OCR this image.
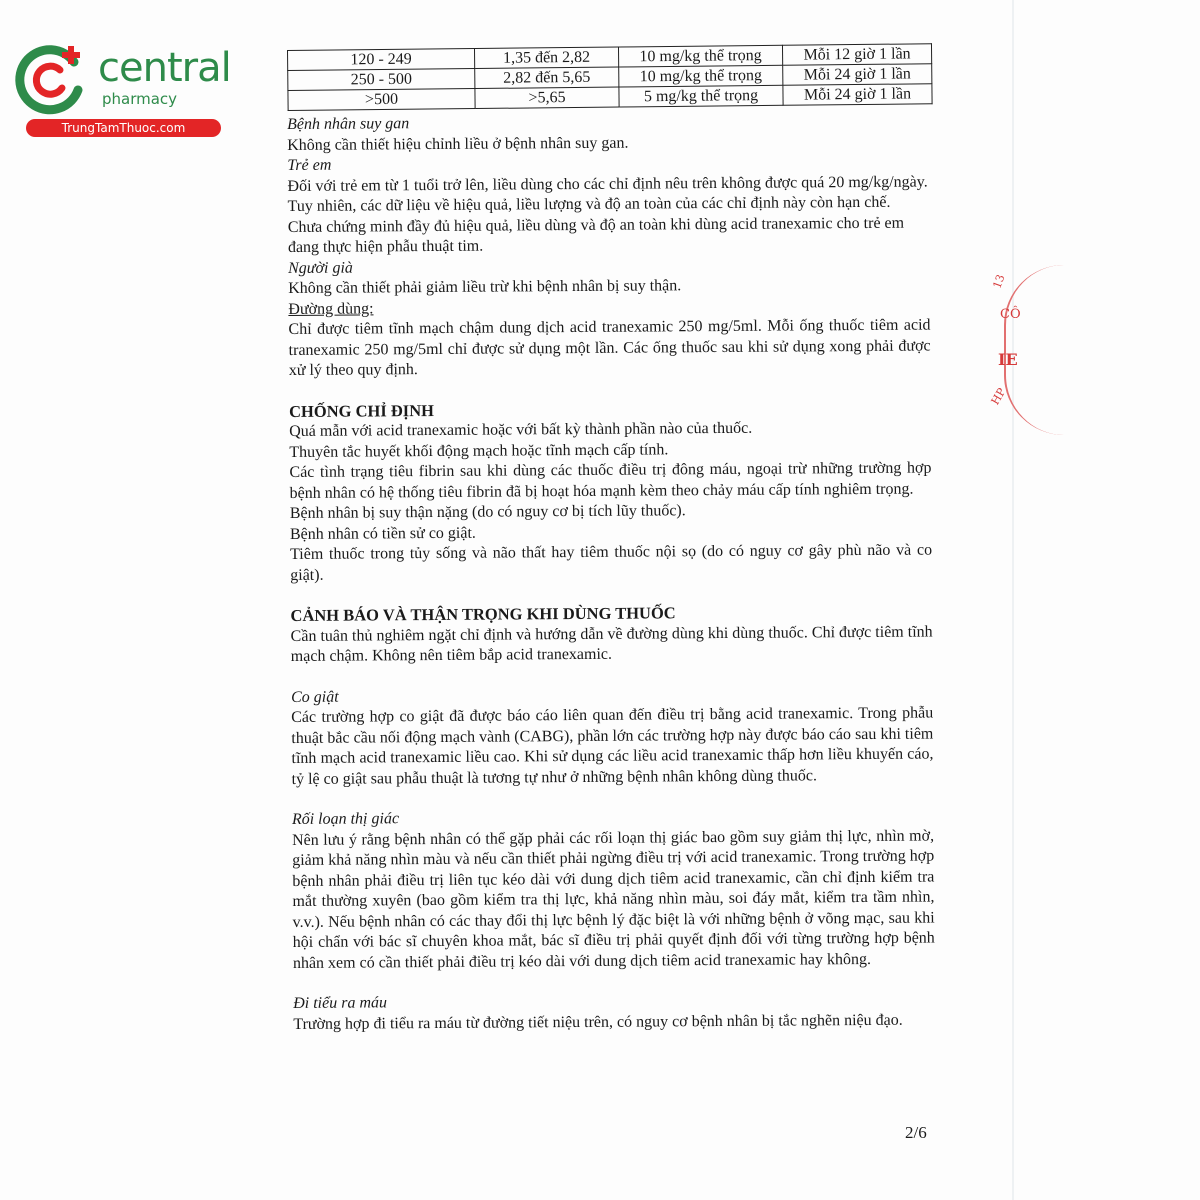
central
pharmacy
TrungTamThuoc.com
120 - 249	1,35 đến 2,82	10 mg/kg thể trọng	Mỗi 12 giờ 1 lần
250 - 500	2,82 đến 5,65	10 mg/kg thể trọng	Mỗi 24 giờ 1 lần
>500	>5,65	5 mg/kg thể trọng	Mỗi 24 giờ 1 lần

Bệnh nhân suy gan

Không cần thiết hiệu chỉnh liều ở bệnh nhân suy gan.

Trẻ em

Đối với trẻ em từ 1 tuổi trở lên, liều dùng cho các chỉ định nêu trên không được quá 20 mg/kg/ngày. Tuy nhiên, các dữ liệu về hiệu quả, liều lượng và độ an toàn của các chỉ định này còn hạn chế.

Chưa chứng minh đầy đủ hiệu quả, liều dùng và độ an toàn khi dùng acid tranexamic cho trẻ em đang thực hiện phẫu thuật tim.

Người già

Không cần thiết phải giảm liều trừ khi bệnh nhân bị suy thận.

Đường dùng:

Chỉ được tiêm tĩnh mạch chậm dung dịch acid tranexamic 250 mg/5ml. Mỗi ống thuốc tiêm acid tranexamic 250 mg/5ml chỉ được sử dụng một lần. Các ống thuốc sau khi sử dụng xong phải được xử lý theo quy định.

CHỐNG CHỈ ĐỊNH

Quá mẫn với acid tranexamic hoặc với bất kỳ thành phần nào của thuốc.

Thuyên tắc huyết khối động mạch hoặc tĩnh mạch cấp tính.

Các tình trạng tiêu fibrin sau khi dùng các thuốc điều trị đông máu, ngoại trừ những trường hợp bệnh nhân có hệ thống tiêu fibrin đã bị hoạt hóa mạnh kèm theo chảy máu cấp tính nghiêm trọng.

Bệnh nhân bị suy thận nặng (do có nguy cơ bị tích lũy thuốc).

Bệnh nhân có tiền sử co giật.

Tiêm thuốc trong tủy sống và não thất hay tiêm thuốc nội sọ (do có nguy cơ gây phù não và co giật).

CẢNH BÁO VÀ THẬN TRỌNG KHI DÙNG THUỐC

Cần tuân thủ nghiêm ngặt chỉ định và hướng dẫn về đường dùng khi dùng thuốc. Chỉ được tiêm tĩnh mạch chậm. Không nên tiêm bắp acid tranexamic.

Co giật

Các trường hợp co giật đã được báo cáo liên quan đến điều trị bằng acid tranexamic. Trong phẫu thuật bắc cầu nối động mạch vành (CABG), phần lớn các trường hợp này được báo cáo sau khi tiêm tĩnh mạch acid tranexamic liều cao. Khi sử dụng các liều acid tranexamic thấp hơn liều khuyến cáo, tỷ lệ co giật sau phẫu thuật là tương tự như ở những bệnh nhân không dùng thuốc.

Rối loạn thị giác

Nên lưu ý rằng bệnh nhân có thể gặp phải các rối loạn thị giác bao gồm suy giảm thị lực, nhìn mờ, giảm khả năng nhìn màu và nếu cần thiết phải ngừng điều trị với acid tranexamic. Trong trường hợp bệnh nhân phải điều trị liên tục kéo dài với dung dịch tiêm acid tranexamic, cần chỉ định kiểm tra mắt thường xuyên (bao gồm kiểm tra thị lực, khả năng nhìn màu, soi đáy mắt, kiểm tra tầm nhìn, v.v.). Nếu bệnh nhân có các thay đổi thị lực bệnh lý đặc biệt là với những bệnh ở võng mạc, sau khi hội chẩn với bác sĩ chuyên khoa mắt, bác sĩ điều trị phải quyết định đối với từng trường hợp bệnh nhân xem có cần thiết phải điều trị kéo dài với dung dịch tiêm acid tranexamic hay không.

Đi tiểu ra máu

Trường hợp đi tiểu ra máu từ đường tiết niệu trên, có nguy cơ bệnh nhân bị tắc nghẽn niệu đạo.

2/6
13
CÔ
IE
HP
